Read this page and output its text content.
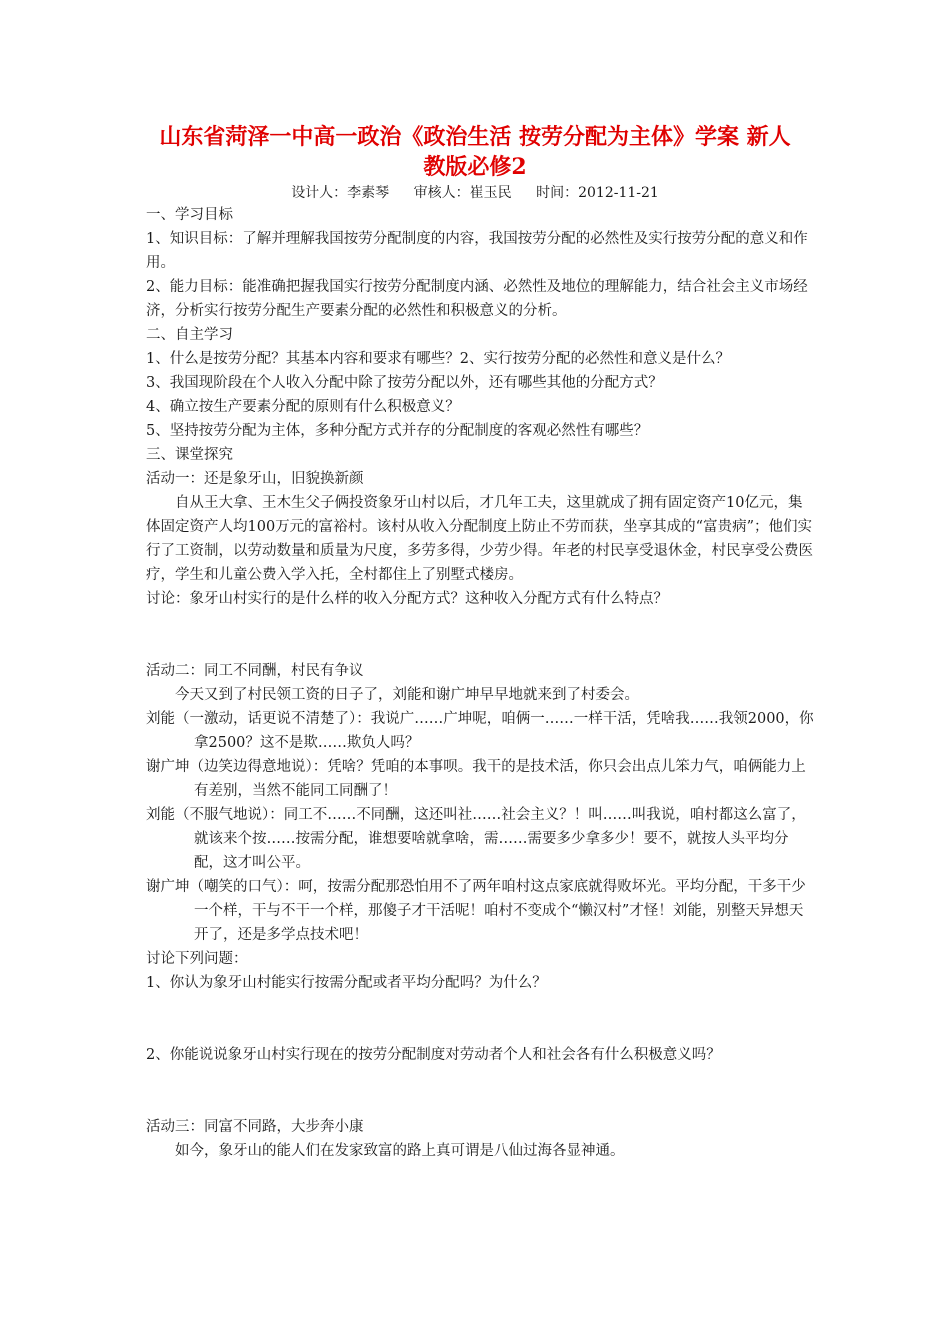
山东省菏泽一中高一政治《政治生活 按劳分配为主体》学案 新人
教版必修2
设计人：李素琴 审核人：崔玉民 时间：2012-11-21

一、学习目标

1、知识目标：了解并理解我国按劳分配制度的内容，我国按劳分配的必然性及实行按劳分配的意义和作用。

2、能力目标：能准确把握我国实行按劳分配制度内涵、必然性及地位的理解能力，结合社会主义市场经济，分析实行按劳分配生产要素分配的必然性和积极意义的分析。

二、自主学习

1、什么是按劳分配？其基本内容和要求有哪些？2、实行按劳分配的必然性和意义是什么？

3、我国现阶段在个人收入分配中除了按劳分配以外，还有哪些其他的分配方式？

4、确立按生产要素分配的原则有什么积极意义？

5、坚持按劳分配为主体，多种分配方式并存的分配制度的客观必然性有哪些？

三、课堂探究

活动一：还是象牙山，旧貌换新颜

自从王大拿、王木生父子俩投资象牙山村以后，才几年工夫，这里就成了拥有固定资产10亿元，集体固定资产人均100万元的富裕村。该村从收入分配制度上防止不劳而获，坐享其成的“富贵病”；他们实行了工资制，以劳动数量和质量为尺度，多劳多得，少劳少得。年老的村民享受退休金，村民享受公费医疗，学生和儿童公费入学入托，全村都住上了别墅式楼房。

讨论：象牙山村实行的是什么样的收入分配方式？这种收入分配方式有什么特点？

活动二：同工不同酬，村民有争议

今天又到了村民领工资的日子了，刘能和谢广坤早早地就来到了村委会。

刘能（一激动，话更说不清楚了）：我说广……广坤呢，咱俩一……一样干活，凭啥我……我领2000，你拿2500？这不是欺……欺负人吗？

谢广坤（边笑边得意地说）：凭啥？凭咱的本事呗。我干的是技术活，你只会出点儿笨力气，咱俩能力上有差别，当然不能同工同酬了！

刘能（不服气地说）：同工不……不同酬，这还叫社……社会主义？！叫……叫我说，咱村都这么富了，就该来个按……按需分配，谁想要啥就拿啥，需……需要多少拿多少！要不，就按人头平均分配，这才叫公平。

谢广坤（嘲笑的口气）：呵，按需分配那恐怕用不了两年咱村这点家底就得败坏光。平均分配，干多干少一个样，干与不干一个样，那傻子才干活呢！咱村不变成个“懒汉村”才怪！刘能，别整天异想天开了，还是多学点技术吧！

讨论下列问题：

1、你认为象牙山村能实行按需分配或者平均分配吗？为什么？

2、你能说说象牙山村实行现在的按劳分配制度对劳动者个人和社会各有什么积极意义吗？

活动三：同富不同路，大步奔小康

如今，象牙山的能人们在发家致富的路上真可谓是八仙过海各显神通。
